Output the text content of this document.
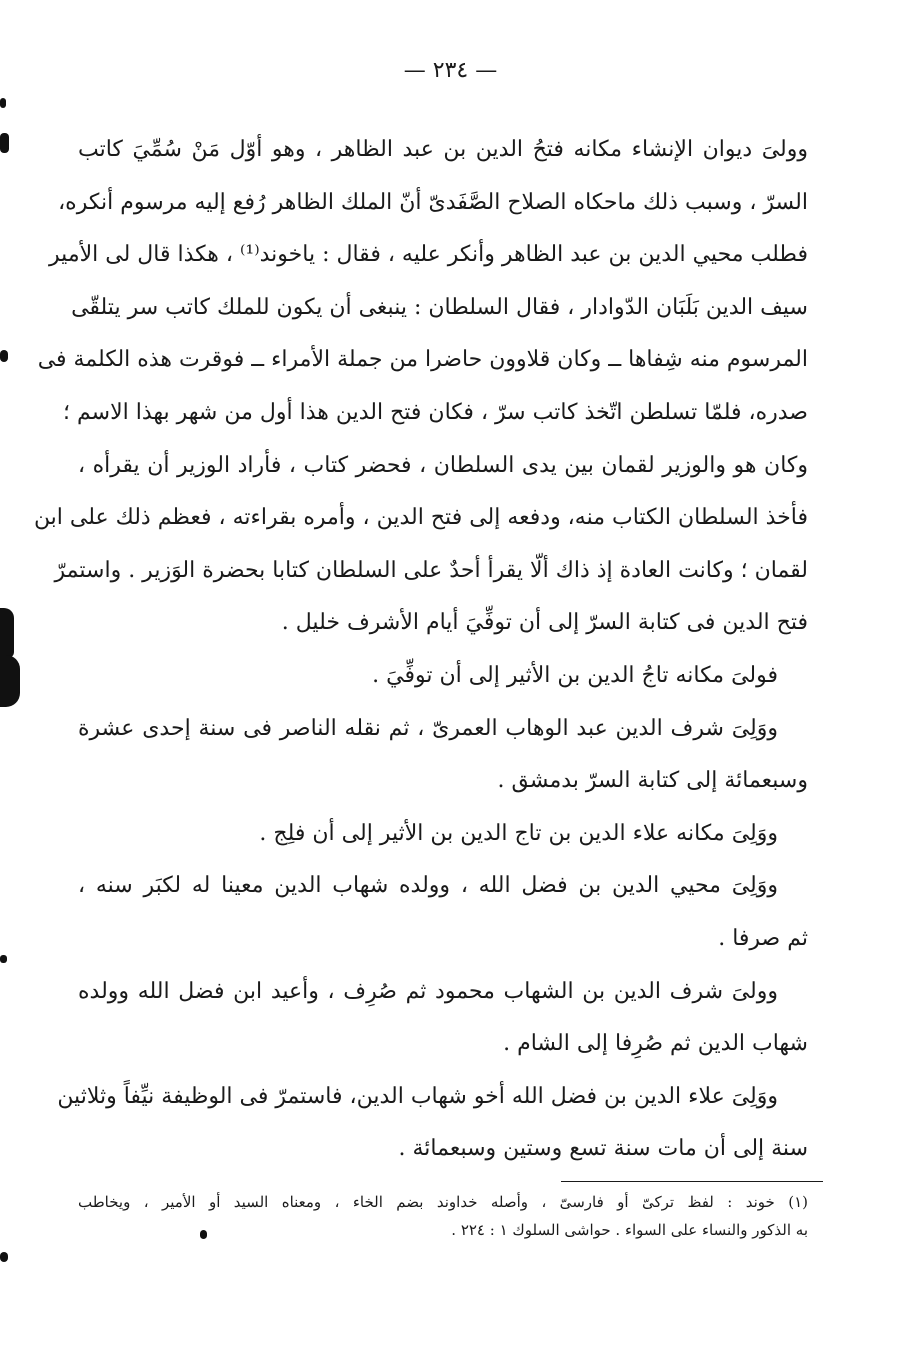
— ٢٣٤ —
وولىَ ديوان الإنشاء مكانه فتحُ الدين بن عبد الظاهر ، وهو أوّل مَنْ سُمِّيَ كاتب
السرّ ، وسبب ذلك ماحكاه الصلاح الصَّفَدىّ أنّ الملك الظاهر رُفع إليه مرسوم أنكره،
فطلب محيي الدين بن عبد الظاهر وأنكر عليه ، فقال : ياخوند⁽¹⁾ ، هكذا قال لى الأمير
سيف الدين بَلَبَان الدّوادار ، فقال السلطان : ينبغى أن يكون للملك كاتب سر يتلقّى
المرسوم منه شِفاها ــ وكان قلاوون حاضرا من جملة الأمراء ــ فوقرت هذه الكلمة فى
صدره، فلمّا تسلطن اتّخذ كاتب سرّ ، فكان فتح الدين هذا أول من شهر بهذا الاسم ؛
وكان هو والوزير لقمان بين يدى السلطان ، فحضر كتاب ، فأراد الوزير أن يقرأه ،
فأخذ السلطان الكتاب منه، ودفعه إلى فتح الدين ، وأمره بقراءته ، فعظم ذلك على ابن
لقمان ؛ وكانت العادة إذ ذاك ألّا يقرأ أحدٌ على السلطان كتابا بحضرة الوَزير . واستمرّ
فتح الدين فى كتابة السرّ إلى أن توفِّيَ أيام الأشرف خليل .
فولىَ مكانه تاجُ الدين بن الأثير إلى أن توفِّيَ .
ووَلِىَ شرف الدين عبد الوهاب العمرىّ ، ثم نقله الناصر فى سنة إحدى عشرة
وسبعمائة إلى كتابة السرّ بدمشق .
ووَلِىَ مكانه علاء الدين بن تاج الدين بن الأثير إلى أن فلِج .
ووَلِىَ محيي الدين بن فضل الله ، وولده شهاب الدين معينا له لكبَر سنه ،
ثم صرفا .
وولىَ شرف الدين بن الشهاب محمود ثم صُرِف ، وأعيد ابن فضل الله وولده
شهاب الدين ثم صُرِفا إلى الشام .
ووَلِىَ علاء الدين بن فضل الله أخو شهاب الدين، فاستمرّ فى الوظيفة نيِّفاً وثلاثين
سنة إلى أن مات سنة تسع وستين وسبعمائة .
(١) خوند : لفظ تركىّ أو فارسىّ ، وأصله خداوند بضم الخاء ، ومعناه السيد أو الأمير ، ويخاطب
به الذكور والنساء على السواء . حواشى السلوك ١ : ٢٢٤ .
